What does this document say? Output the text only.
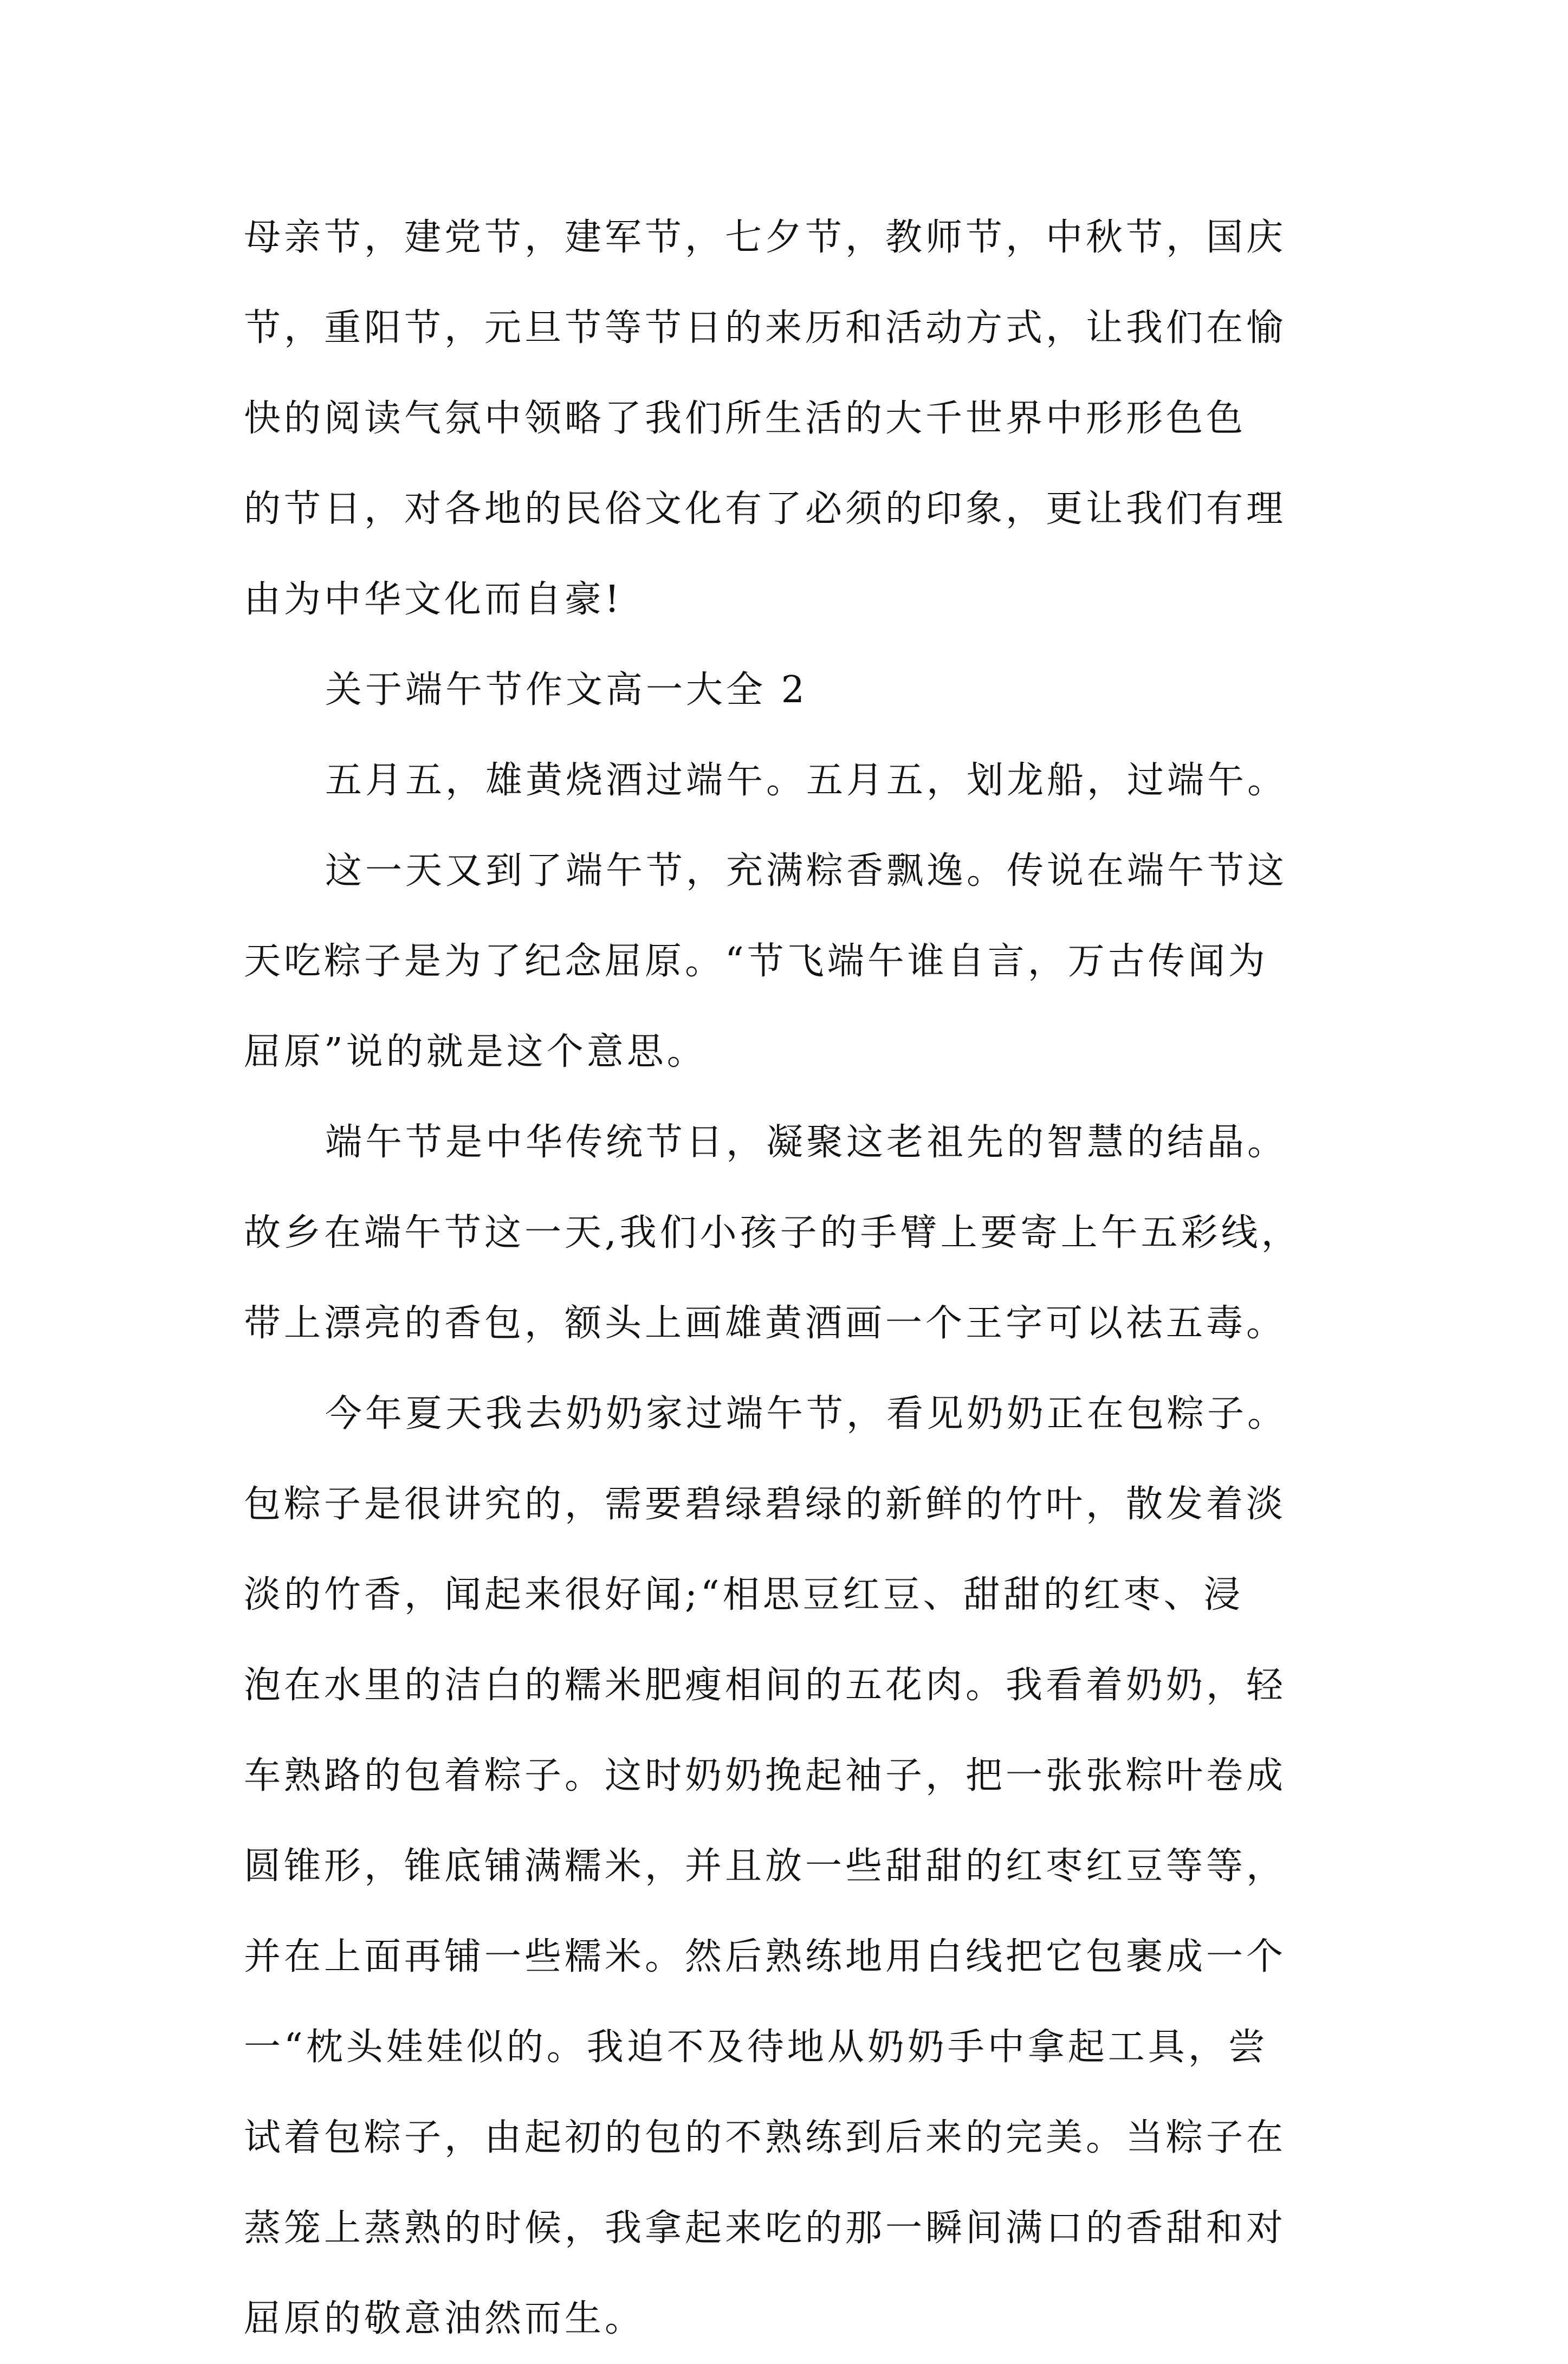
母亲节，建党节，建军节，七夕节，教师节，中秋节，国庆
节，重阳节，元旦节等节日的来历和活动方式，让我们在愉
快的阅读气氛中领略了我们所生活的大千世界中形形色色
的节日，对各地的民俗文化有了必须的印象，更让我们有理
由为中华文化而自豪!
关于端午节作文高一大全 2
五月五，雄黄烧酒过端午。五月五，划龙船，过端午。
这一天又到了端午节，充满粽香飘逸。传说在端午节这
天吃粽子是为了纪念屈原。“节飞端午谁自言，万古传闻为
屈原”说的就是这个意思。
端午节是中华传统节日，凝聚这老祖先的智慧的结晶。
故乡在端午节这一天,我们小孩子的手臂上要寄上午五彩线，
带上漂亮的香包，额头上画雄黄酒画一个王字可以祛五毒。
今年夏天我去奶奶家过端午节，看见奶奶正在包粽子。
包粽子是很讲究的，需要碧绿碧绿的新鲜的竹叶，散发着淡
淡的竹香，闻起来很好闻;“相思豆红豆、甜甜的红枣、浸
泡在水里的洁白的糯米肥瘦相间的五花肉。我看着奶奶，轻
车熟路的包着粽子。这时奶奶挽起袖子，把一张张粽叶卷成
圆锥形，锥底铺满糯米，并且放一些甜甜的红枣红豆等等，
并在上面再铺一些糯米。然后熟练地用白线把它包裹成一个
一“枕头娃娃似的。我迫不及待地从奶奶手中拿起工具，尝
试着包粽子，由起初的包的不熟练到后来的完美。当粽子在
蒸笼上蒸熟的时候，我拿起来吃的那一瞬间满口的香甜和对
屈原的敬意油然而生。
